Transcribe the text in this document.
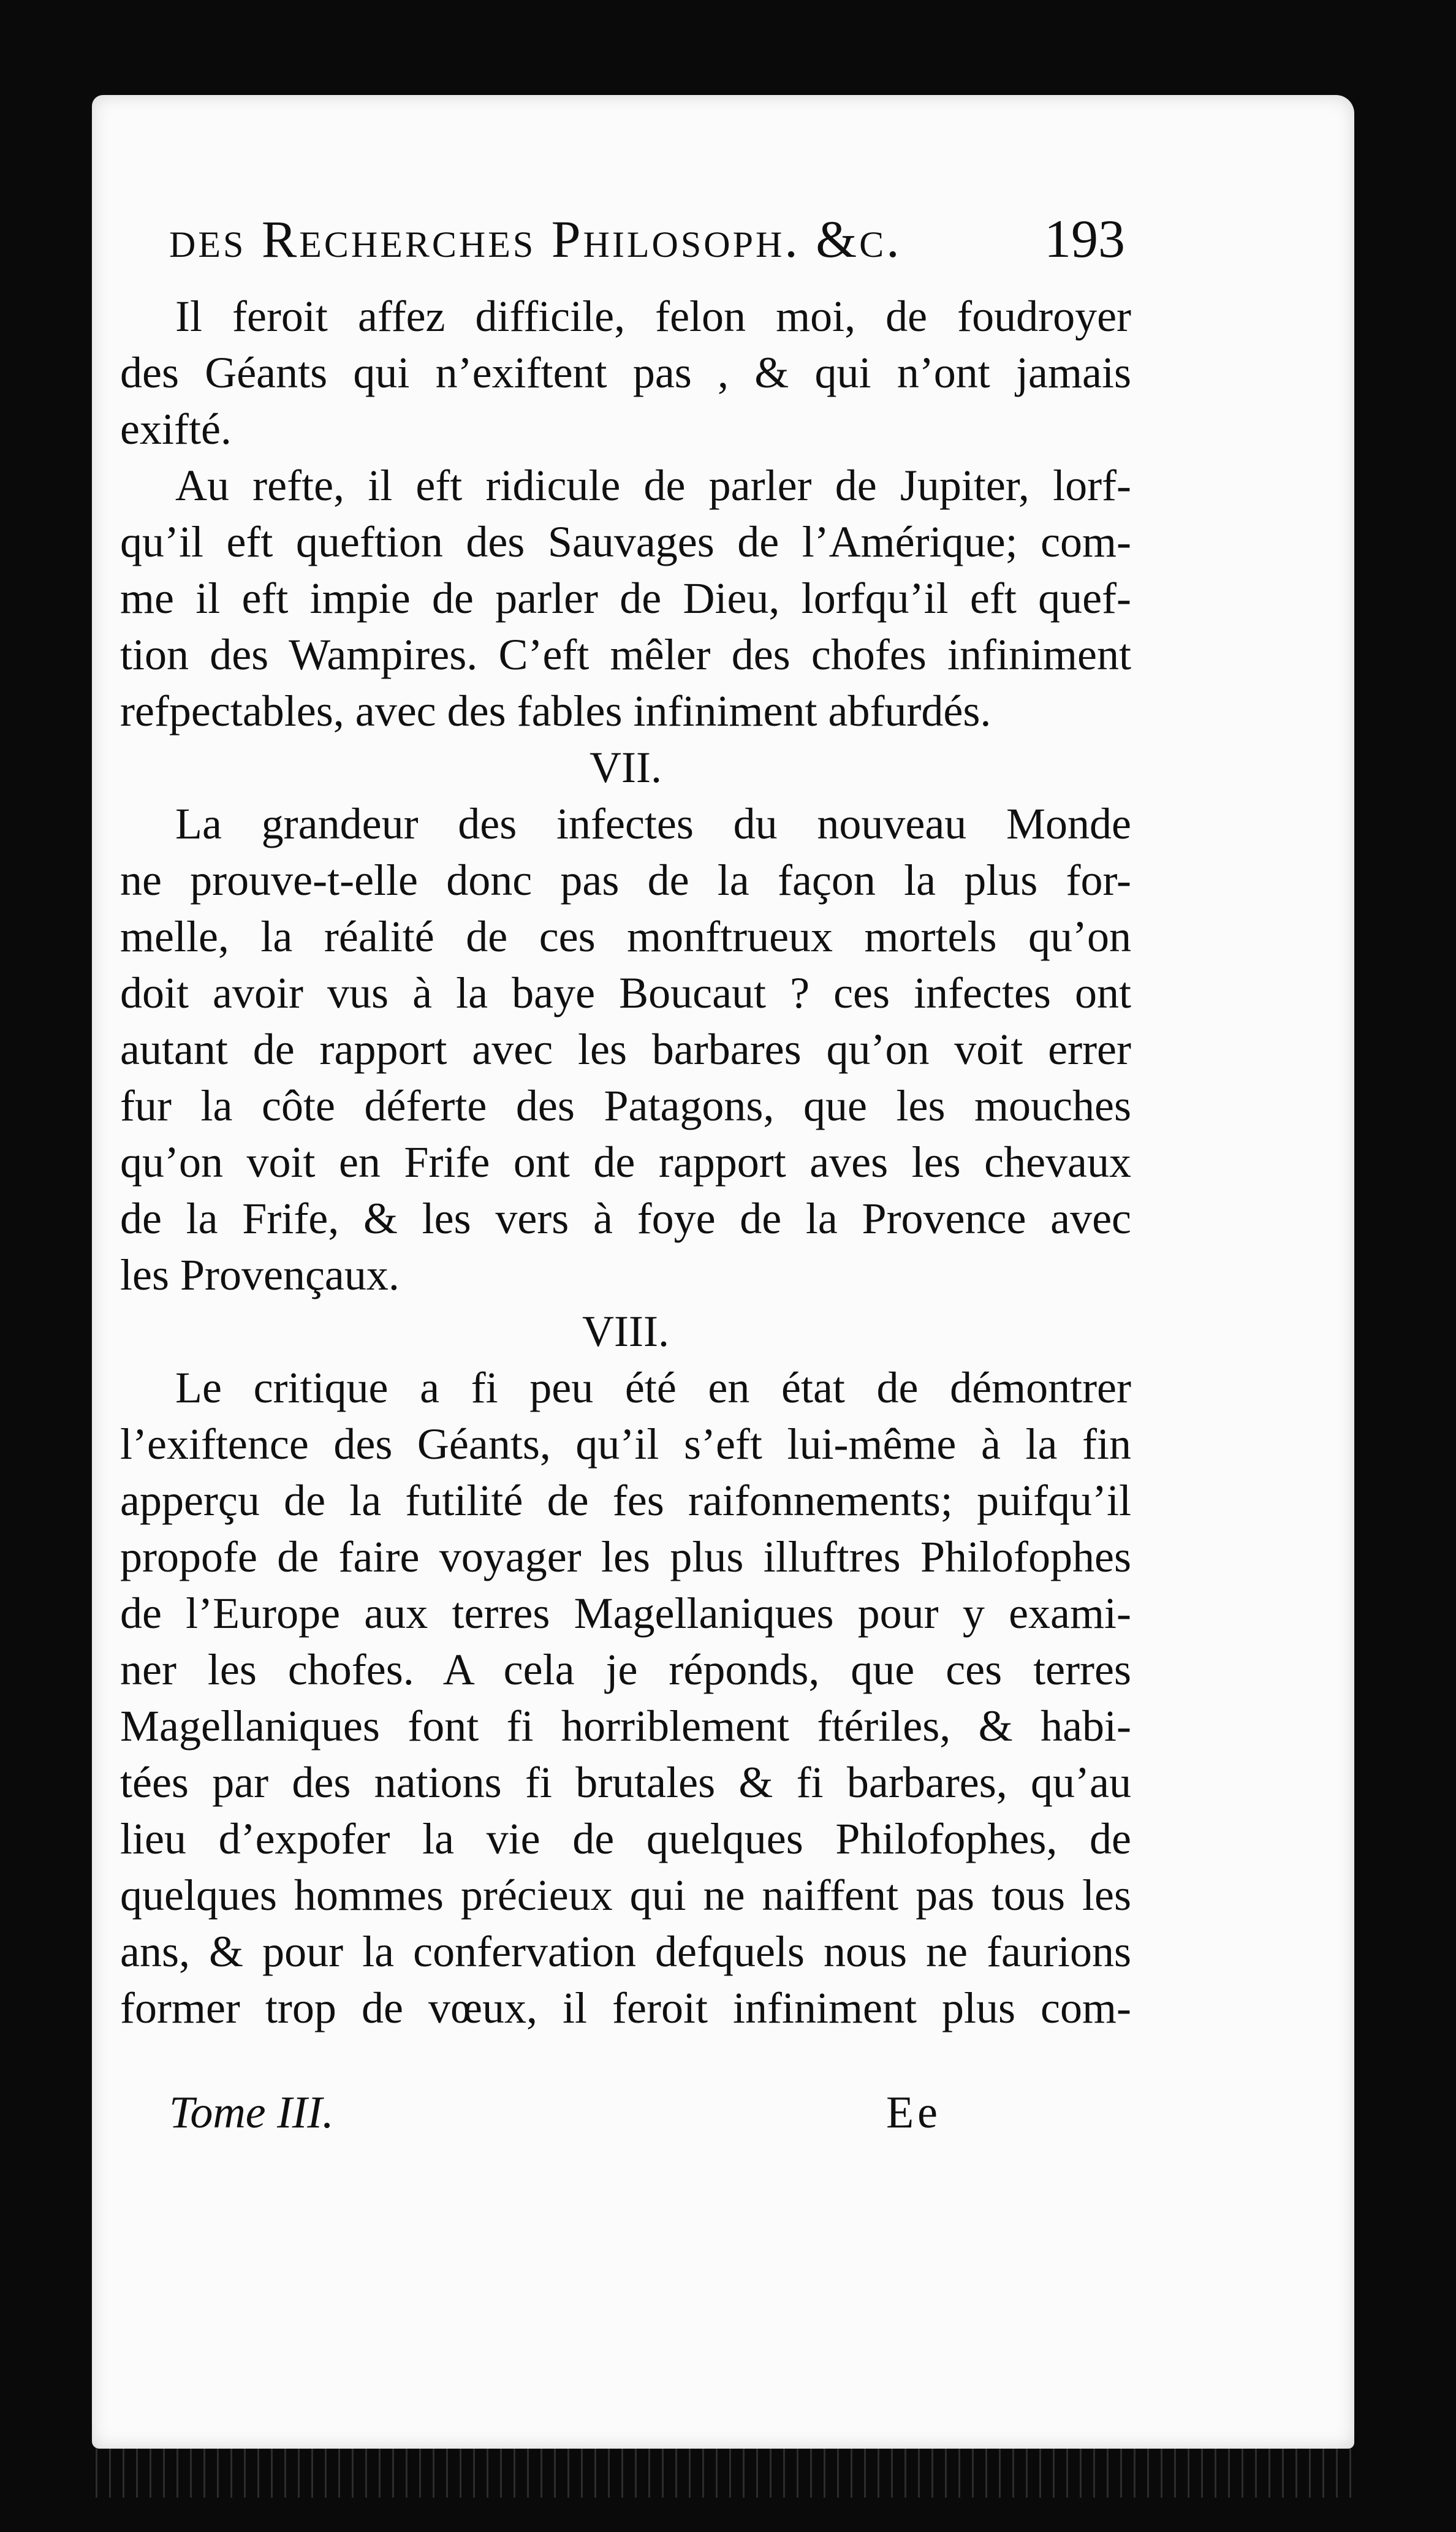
des Recherches Philosoph. &c.	193
Il feroit affez difficile, felon moi, de foudroyer
des Géants qui n’exiftent pas , & qui n’ont jamais
exifté.
Au refte, il eft ridicule de parler de Jupiter, lorf-
qu’il eft queftion des Sauvages de l’Amérique; com-
me il eft impie de parler de Dieu, lorfqu’il eft quef-
tion des Wampires. C’eft mêler des chofes infiniment
refpectables, avec des fables infiniment abfurdés.
VII.
La grandeur des infectes du nouveau Monde
ne prouve-t-elle donc pas de la façon la plus for-
melle, la réalité de ces monftrueux mortels qu’on
doit avoir vus à la baye Boucaut ? ces infectes ont
autant de rapport avec les barbares qu’on voit errer
fur la côte déferte des Patagons, que les mouches
qu’on voit en Frife ont de rapport aves les chevaux
de la Frife, & les vers à foye de la Provence avec
les Provençaux.
VIII.
Le critique a fi peu été en état de démontrer
l’exiftence des Géants, qu’il s’eft lui-même à la fin
apperçu de la futilité de fes raifonnements; puifqu’il
propofe de faire voyager les plus illuftres Philofophes
de l’Europe aux terres Magellaniques pour y exami-
ner les chofes. A cela je réponds, que ces terres
Magellaniques font fi horriblement ftériles, & habi-
tées par des nations fi brutales & fi barbares, qu’au
lieu d’expofer la vie de quelques Philofophes, de
quelques hommes précieux qui ne naiffent pas tous les
ans, & pour la confervation defquels nous ne faurions
former trop de vœux, il feroit infiniment plus com-
Tome III.	Ee
